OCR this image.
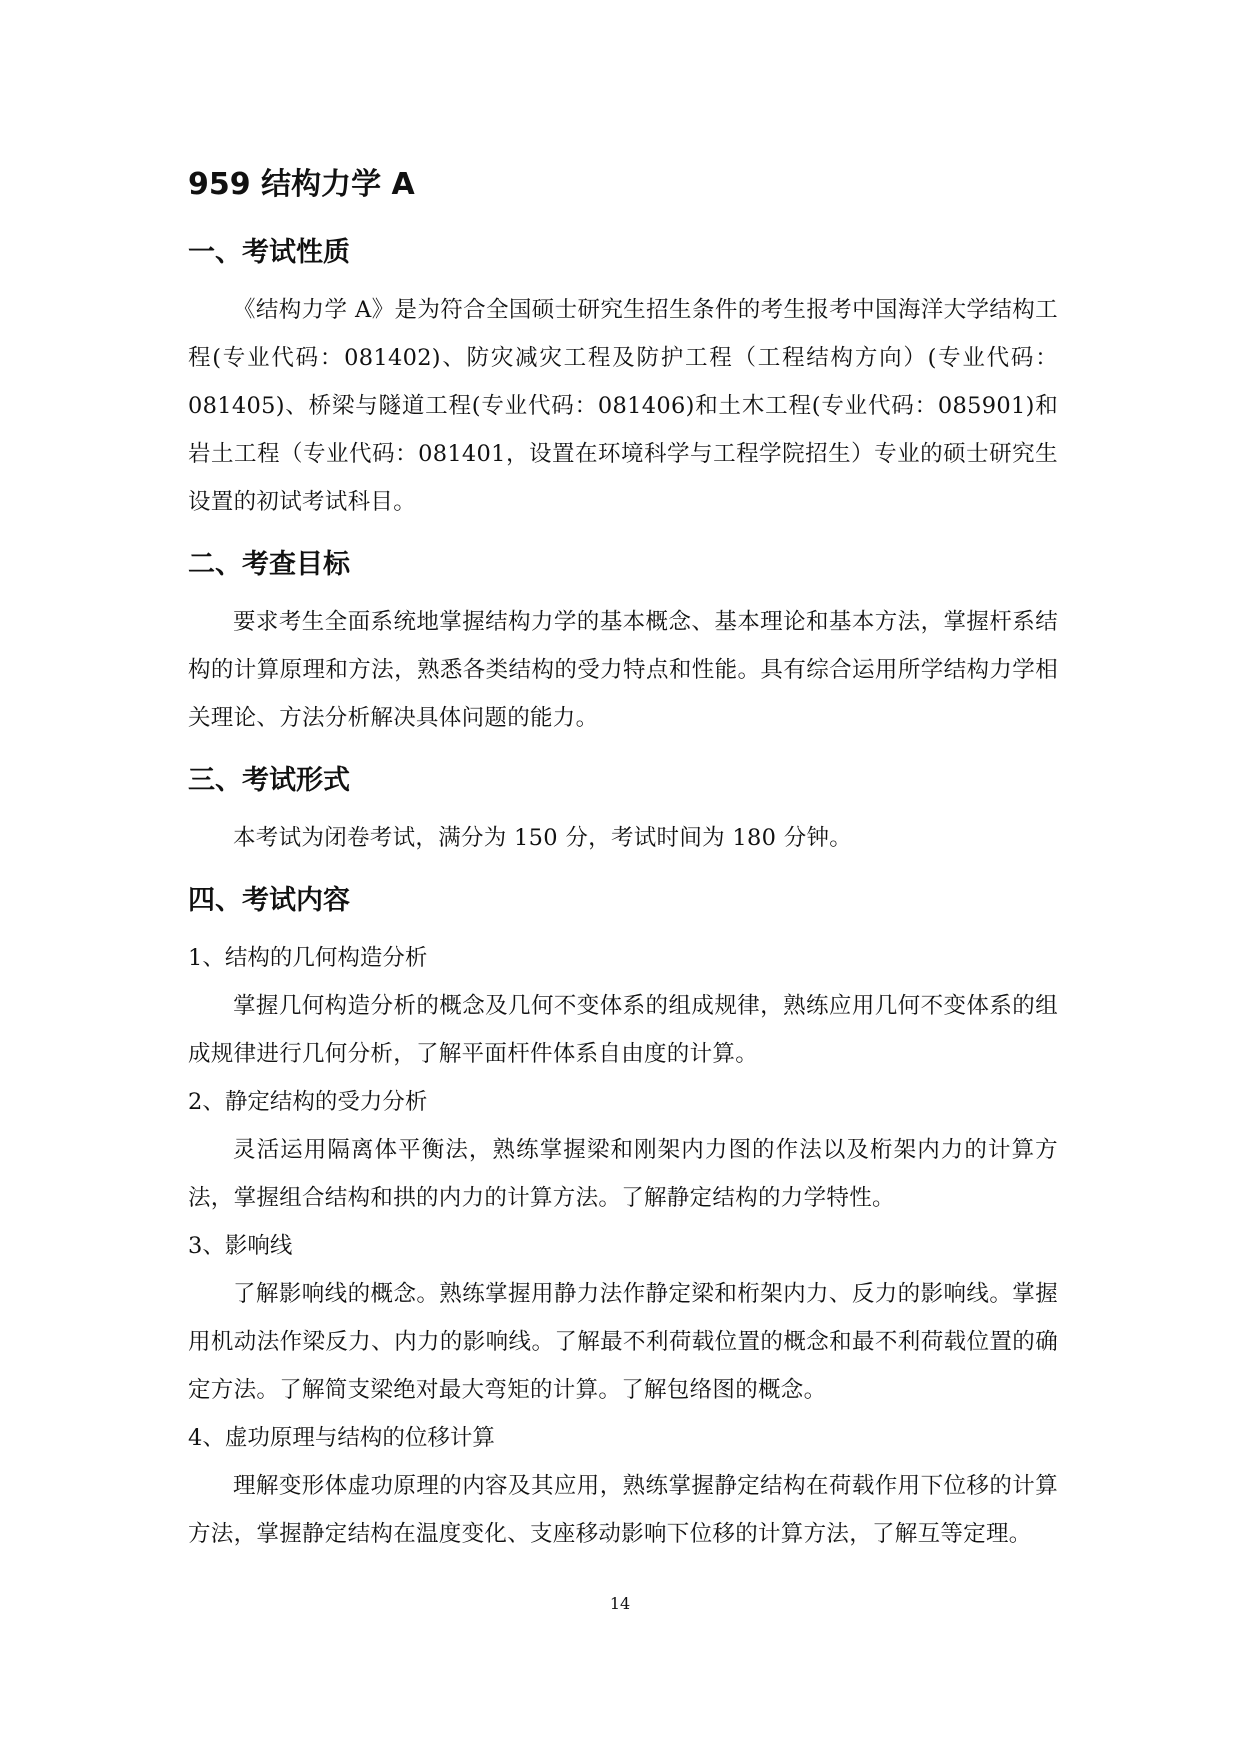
959 结构力学 A
一、考试性质

《结构力学 A》是为符合全国硕士研究生招生条件的考生报考中国海洋大学结构工程(专业代码：081402)、防灾减灾工程及防护工程（工程结构方向）(专业代码：081405)、桥梁与隧道工程(专业代码：081406)和土木工程(专业代码：085901)和岩土工程（专业代码：081401，设置在环境科学与工程学院招生）专业的硕士研究生设置的初试考试科目。

二、考查目标

要求考生全面系统地掌握结构力学的基本概念、基本理论和基本方法，掌握杆系结构的计算原理和方法，熟悉各类结构的受力特点和性能。具有综合运用所学结构力学相关理论、方法分析解决具体问题的能力。

三、考试形式

本考试为闭卷考试，满分为 150 分，考试时间为 180 分钟。

四、考试内容
1、结构的几何构造分析

掌握几何构造分析的概念及几何不变体系的组成规律，熟练应用几何不变体系的组成规律进行几何分析，了解平面杆件体系自由度的计算。

2、静定结构的受力分析

灵活运用隔离体平衡法，熟练掌握梁和刚架内力图的作法以及桁架内力的计算方法，掌握组合结构和拱的内力的计算方法。了解静定结构的力学特性。

3、影响线

了解影响线的概念。熟练掌握用静力法作静定梁和桁架内力、反力的影响线。掌握用机动法作梁反力、内力的影响线。了解最不利荷载位置的概念和最不利荷载位置的确定方法。了解简支梁绝对最大弯矩的计算。了解包络图的概念。

4、虚功原理与结构的位移计算

理解变形体虚功原理的内容及其应用，熟练掌握静定结构在荷载作用下位移的计算方法，掌握静定结构在温度变化、支座移动影响下位移的计算方法，了解互等定理。

14
